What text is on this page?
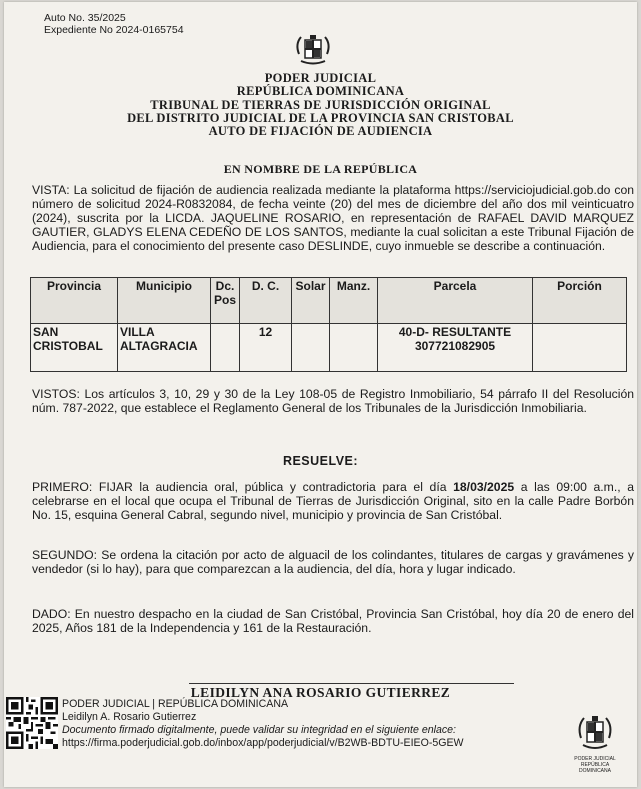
Auto No. 35/2025
Expediente No 2024-0165754
PODER JUDICIAL
REPÚBLICA DOMINICANA
TRIBUNAL DE TIERRAS DE JURISDICCIÓN ORIGINAL
DEL DISTRITO JUDICIAL DE LA PROVINCIA SAN CRISTOBAL
AUTO DE FIJACIÓN DE AUDIENCIA
EN NOMBRE DE LA REPÚBLICA
VISTA: La solicitud de fijación de audiencia realizada mediante la plataforma https://serviciojudicial.gob.do con número de solicitud 2024-R0832084, de fecha veinte (20) del mes de diciembre del año dos mil veinticuatro (2024), suscrita por la LICDA. JAQUELINE ROSARIO, en representación de RAFAEL DAVID MARQUEZ GAUTIER, GLADYS ELENA CEDEÑO DE LOS SANTOS, mediante la cual solicitan a este Tribunal Fijación de Audiencia, para el conocimiento del presente caso DESLINDE, cuyo inmueble se describe a continuación.
Provincia	Municipio	Dc. Pos	D. C.	Solar	Manz.	Parcela	Porción
SAN CRISTOBAL	VILLA ALTAGRACIA		12			40-D- RESULTANTE 307721082905	
VISTOS: Los artículos 3, 10, 29 y 30 de la Ley 108-05 de Registro Inmobiliario, 54 párrafo II del Resolución núm. 787-2022, que establece el Reglamento General de los Tribunales de la Jurisdicción Inmobiliaria.
RESUELVE:
PRIMERO: FIJAR la audiencia oral, pública y contradictoria para el día 18/03/2025 a las 09:00 a.m., a celebrarse en el local que ocupa el Tribunal de Tierras de Jurisdicción Original, sito en la calle Padre Borbón No. 15, esquina General Cabral, segundo nivel, municipio y provincia de San Cristóbal.
SEGUNDO: Se ordena la citación por acto de alguacil de los colindantes, titulares de cargas y gravámenes y vendedor (si lo hay), para que comparezcan a la audiencia, del día, hora y lugar indicado.
DADO: En nuestro despacho en la ciudad de San Cristóbal, Provincia San Cristóbal, hoy día 20 de enero del 2025, Años 181 de la Independencia y 161 de la Restauración.
LEIDILYN ANA ROSARIO GUTIERREZ
PODER JUDICIAL | REPÚBLICA DOMINICANA
Leidilyn A. Rosario Gutierrez
Documento firmado digitalmente, puede validar su integridad en el siguiente enlace:
https://firma.poderjudicial.gob.do/inbox/app/poderjudicial/v/B2WB-BDTU-EIEO-5GEW
PODER JUDICIAL
REPÚBLICA DOMINICANA
